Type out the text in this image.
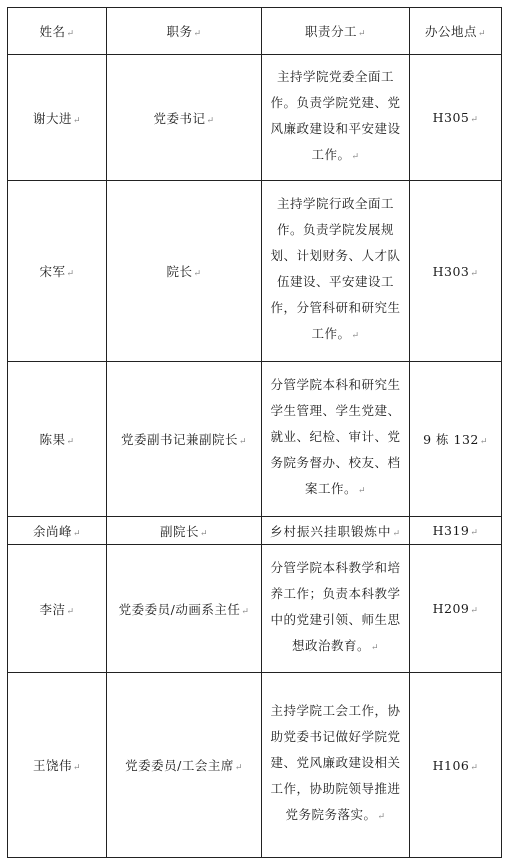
姓名↵	职务↵	职责分工↵	办公地点↵
谢大进↵	党委书记↵	主持学院党委全面工作。负责学院党建、党风廉政建设和平安建设工作。↵	H305↵
宋军↵	院长↵	主持学院行政全面工作。负责学院发展规划、计划财务、人才队伍建设、平安建设工作，分管科研和研究生工作。↵	H303↵
陈果↵	党委副书记兼副院长↵	分管学院本科和研究生学生管理、学生党建、就业、纪检、审计、党务院务督办、校友、档案工作。↵	9 栋 132↵
余尚峰↵	副院长↵	乡村振兴挂职锻炼中↵	H319↵
李洁↵	党委委员/动画系主任↵	分管学院本科教学和培养工作；负责本科教学中的党建引领、师生思想政治教育。↵	H209↵
王饶伟↵	党委委员/工会主席↵	主持学院工会工作，协助党委书记做好学院党建、党风廉政建设相关工作，协助院领导推进党务院务落实。↵	H106↵
